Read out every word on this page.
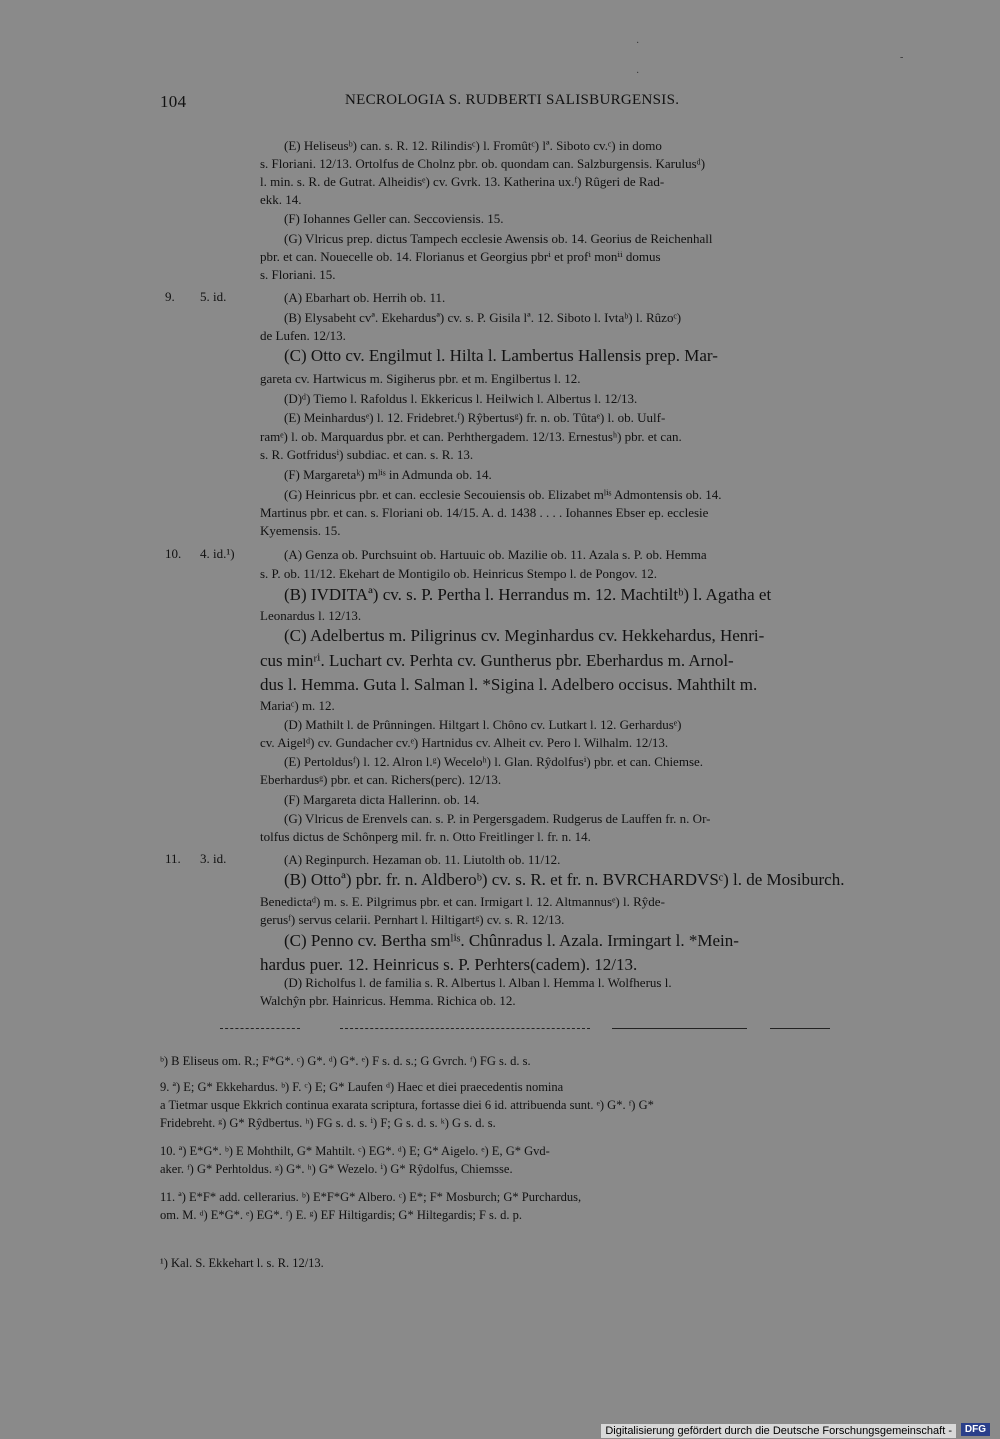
104	NECROLOGIA S. RUDBERTI SALISBURGENSIS.
·
-
·
9. 5. id.
10. 4. id.¹)
11. 3. id.
(E) Heliseusᵇ) can. s. R. 12. Rilindisᶜ) l. Fromûtᶜ) lª. Siboto cv.ᶜ) in domo
s. Floriani. 12/13. Ortolfus de Cholnz pbr. ob. quondam can. Salzburgensis. Karulusᵈ)
l. min. s. R. de Gutrat. Alheidisᵉ) cv. Gvrk. 13. Katherina ux.ᶠ) Rûgeri de Rad-
ekk. 14.
(F) Iohannes Geller can. Seccoviensis. 15.
(G) Vlricus prep. dictus Tampech ecclesie Awensis ob. 14. Georius de Reichenhall
pbr. et can. Nouecelle ob. 14. Florianus et Georgius pbrⁱ et profⁱ monⁱⁱ domus
s. Floriani. 15.
(A) Ebarhart ob. Herrih ob. 11.
(B) Elysabeht cvª. Ekehardusª) cv. s. P. Gisila lª. 12. Siboto l. Ivtaᵇ) l. Rûzoᶜ)
de Lufen. 12/13.
(C) Otto cv. Engilmut l. Hilta l. Lambertus Hallensis prep. Mar-
gareta cv. Hartwicus m. Sigiherus pbr. et m. Engilbertus l. 12.
(D)ᵈ) Tiemo l. Rafoldus l. Ekkericus l. Heilwich l. Albertus l. 12/13.
(E) Meinhardusᵉ) l. 12. Fridebret.ᶠ) Rŷbertusᵍ) fr. n. ob. Tûtaᵉ) l. ob. Uulf-
ramᵉ) l. ob. Marquardus pbr. et can. Perhthergadem. 12/13. Ernestusʰ) pbr. et can.
s. R. Gotfridusⁱ) subdiac. et can. s. R. 13.
(F) Margaretaᵏ) mˡⁱˢ in Admunda ob. 14.
(G) Heinricus pbr. et can. ecclesie Secouiensis ob. Elizabet mˡⁱˢ Admontensis ob. 14.
Martinus pbr. et can. s. Floriani ob. 14/15. A. d. 1438 . . . . Iohannes Ebser ep. ecclesie
Kyemensis. 15.
(A) Genza ob. Purchsuint ob. Hartuuic ob. Mazilie ob. 11. Azala s. P. ob. Hemma
s. P. ob. 11/12. Ekehart de Montigilo ob. Heinricus Stempo l. de Pongov. 12.
(B) IVDITAª) cv. s. P. Pertha l. Herrandus m. 12. Machtiltᵇ) l. Agatha et
Leonardus l. 12/13.
(C) Adelbertus m. Piligrinus cv. Meginhardus cv. Hekkehardus, Henri-
cus minʳⁱ. Luchart cv. Perhta cv. Guntherus pbr. Eberhardus m. Arnol-
dus l. Hemma. Guta l. Salman l. *Sigina l. Adelbero occisus. Mahthilt m.
Mariaᶜ) m. 12.
(D) Mathilt l. de Prûnningen. Hiltgart l. Chôno cv. Lutkart l. 12. Gerhardusᵉ)
cv. Aigelᵈ) cv. Gundacher cv.ᵉ) Hartnidus cv. Alheit cv. Pero l. Wilhalm. 12/13.
(E) Pertoldusᶠ) l. 12. Alron l.ᵍ) Weceloʰ) l. Glan. Rŷdolfusⁱ) pbr. et can. Chiemse.
Eberhardusᵍ) pbr. et can. Richers(perc). 12/13.
(F) Margareta dicta Hallerinn. ob. 14.
(G) Vlricus de Erenvels can. s. P. in Pergersgadem. Rudgerus de Lauffen fr. n. Or-
tolfus dictus de Schônperg mil. fr. n. Otto Freitlinger l. fr. n. 14.
(A) Reginpurch. Hezaman ob. 11. Liutolth ob. 11/12.
(B) Ottoª) pbr. fr. n. Aldberoᵇ) cv. s. R. et fr. n. BVRCHARDVSᶜ) l. de Mosiburch.
Benedictaᵈ) m. s. E. Pilgrimus pbr. et can. Irmigart l. 12. Altmannusᵉ) l. Rŷde-
gerusᶠ) servus celarii. Pernhart l. Hiltigartᵍ) cv. s. R. 12/13.
(C) Penno cv. Bertha smˡⁱˢ. Chûnradus l. Azala. Irmingart l. *Mein-
hardus puer. 12. Heinricus s. P. Perhters(cadem). 12/13.
(D) Richolfus l. de familia s. R. Albertus l. Alban l. Hemma l. Wolfherus l.
Walchŷn pbr. Hainricus. Hemma. Richica ob. 12.
ᵇ) B Eliseus om. R.; F*G*. ᶜ) G*. ᵈ) G*. ᵉ) F s. d. s.; G Gvrch. ᶠ) FG s. d. s.
9. ª) E; G* Ekkehardus. ᵇ) F. ᶜ) E; G* Laufen ᵈ) Haec et diei praecedentis nomina
a Tietmar usque Ekkrich continua exarata scriptura, fortasse diei 6 id. attribuenda sunt. ᵉ) G*. ᶠ) G*
Fridebreht. ᵍ) G* Rŷdbertus. ʰ) FG s. d. s. ⁱ) F; G s. d. s. ᵏ) G s. d. s.
10. ª) E*G*. ᵇ) E Mohthilt, G* Mahtilt. ᶜ) EG*. ᵈ) E; G* Aigelo. ᵉ) E, G* Gvd-
aker. ᶠ) G* Perhtoldus. ᵍ) G*. ʰ) G* Wezelo. ⁱ) G* Rŷdolfus, Chiemsse.
11. ª) E*F* add. cellerarius. ᵇ) E*F*G* Albero. ᶜ) E*; F* Mosburch; G* Purchardus,
om. M. ᵈ) E*G*. ᵉ) EG*. ᶠ) E. ᵍ) EF Hiltigardis; G* Hiltegardis; F s. d. p.
¹) Kal. S. Ekkehart l. s. R. 12/13.
Digitalisierung gefördert durch die Deutsche Forschungsgemeinschaft -	DFG
